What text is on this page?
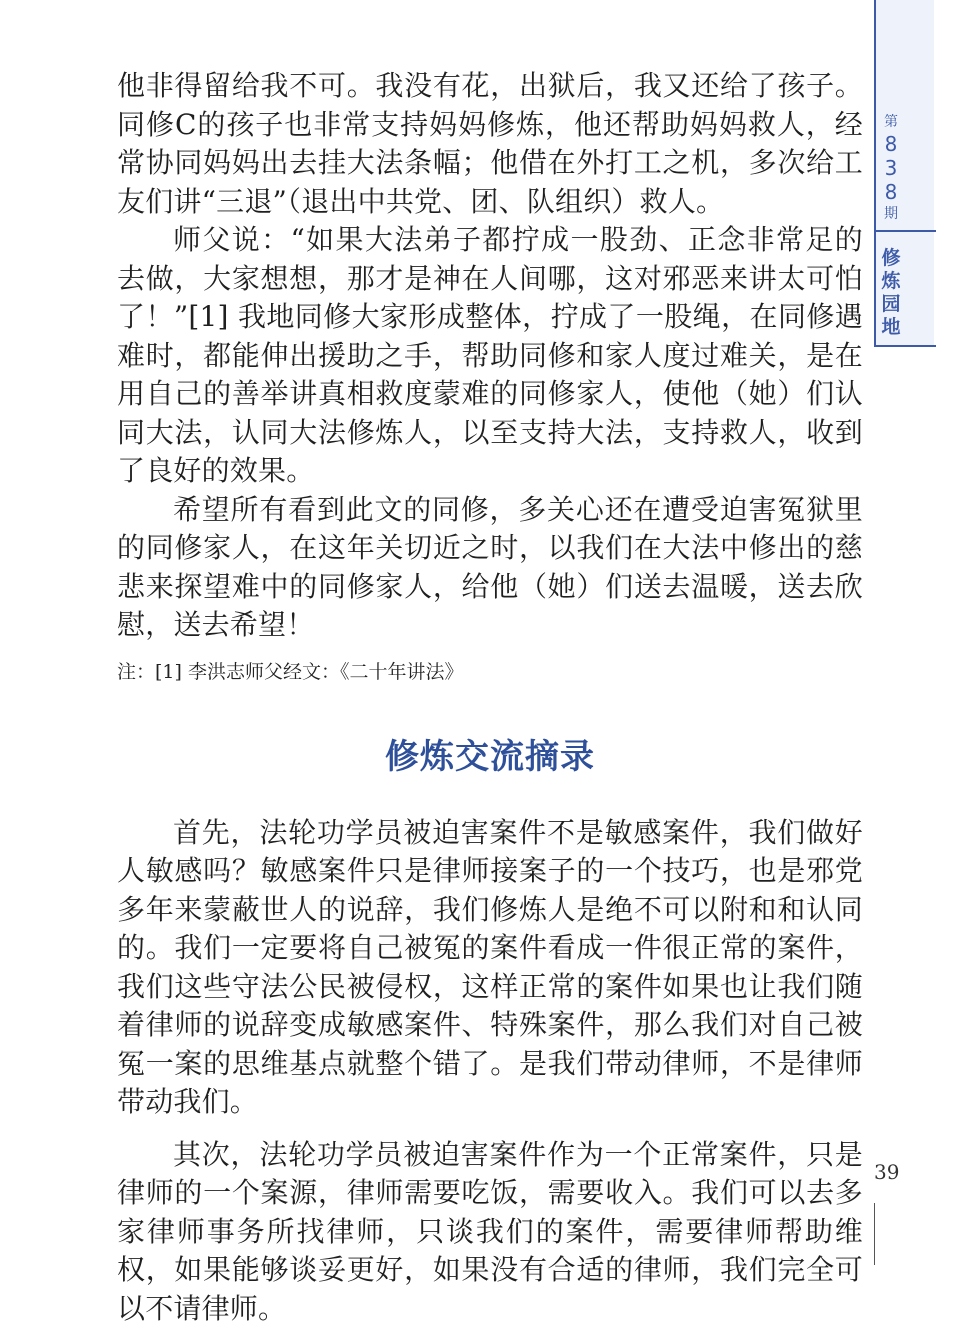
他非得留给我不可。我没有花，出狱后，我又还给了孩子。同修C的孩子也非常支持妈妈修炼，他还帮助妈妈救人，经常协同妈妈出去挂大法条幅；他借在外打工之机，多次给工友们讲“三退”（退出中共党、团、队组织）救人。

师父说：“如果大法弟子都拧成一股劲、正念非常足的去做，大家想想，那才是神在人间哪，这对邪恶来讲太可怕了！”[1] 我地同修大家形成整体，拧成了一股绳，在同修遇难时，都能伸出援助之手，帮助同修和家人度过难关，是在用自己的善举讲真相救度蒙难的同修家人，使他（她）们认同大法，认同大法修炼人，以至支持大法，支持救人，收到了良好的效果。

希望所有看到此文的同修，多关心还在遭受迫害冤狱里的同修家人，在这年关切近之时，以我们在大法中修出的慈悲来探望难中的同修家人，给他（她）们送去温暖，送去欣慰，送去希望！

注：[1] 李洪志师父经文：《二十年讲法》

修炼交流摘录

首先，法轮功学员被迫害案件不是敏感案件，我们做好人敏感吗？敏感案件只是律师接案子的一个技巧，也是邪党多年来蒙蔽世人的说辞，我们修炼人是绝不可以附和和认同的。我们一定要将自己被冤的案件看成一件很正常的案件，我们这些守法公民被侵权，这样正常的案件如果也让我们随着律师的说辞变成敏感案件、特殊案件，那么我们对自己被冤一案的思维基点就整个错了。是我们带动律师，不是律师带动我们。

其次，法轮功学员被迫害案件作为一个正常案件，只是律师的一个案源，律师需要吃饭，需要收入。我们可以去多家律师事务所找律师，只谈我们的案件，需要律师帮助维权，如果能够谈妥更好，如果没有合适的律师，我们完全可以不请律师。

第
8
3
8
期
修
炼
园
地
39
